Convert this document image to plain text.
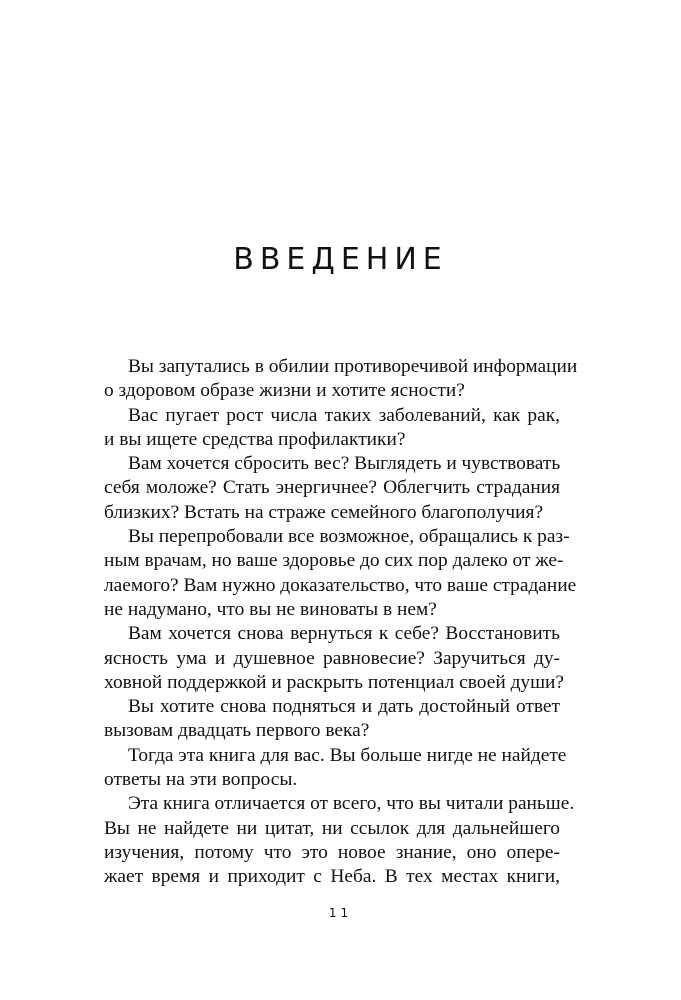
ВВЕДЕНИЕ
Вы запутались в обилии противоречивой информации
о здоровом образе жизни и хотите ясности?
Вас пугает рост числа таких заболеваний, как рак,
и вы ищете средства профилактики?
Вам хочется сбросить вес? Выглядеть и чувствовать
себя моложе? Стать энергичнее? Облегчить страдания
близких? Встать на страже семейного благополучия?
Вы перепробовали все возможное, обращались к раз-
ным врачам, но ваше здоровье до сих пор далеко от же-
лаемого? Вам нужно доказательство, что ваше страдание
не надумано, что вы не виноваты в нем?
Вам хочется снова вернуться к себе? Восстановить
ясность ума и душевное равновесие? Заручиться ду-
ховной поддержкой и раскрыть потенциал своей души?
Вы хотите снова подняться и дать достойный ответ
вызовам двадцать первого века?
Тогда эта книга для вас. Вы больше нигде не найдете
ответы на эти вопросы.
Эта книга отличается от всего, что вы читали раньше.
Вы не найдете ни цитат, ни ссылок для дальнейшего
изучения, потому что это новое знание, оно опере-
жает время и приходит с Неба. В тех местах книги,
11
